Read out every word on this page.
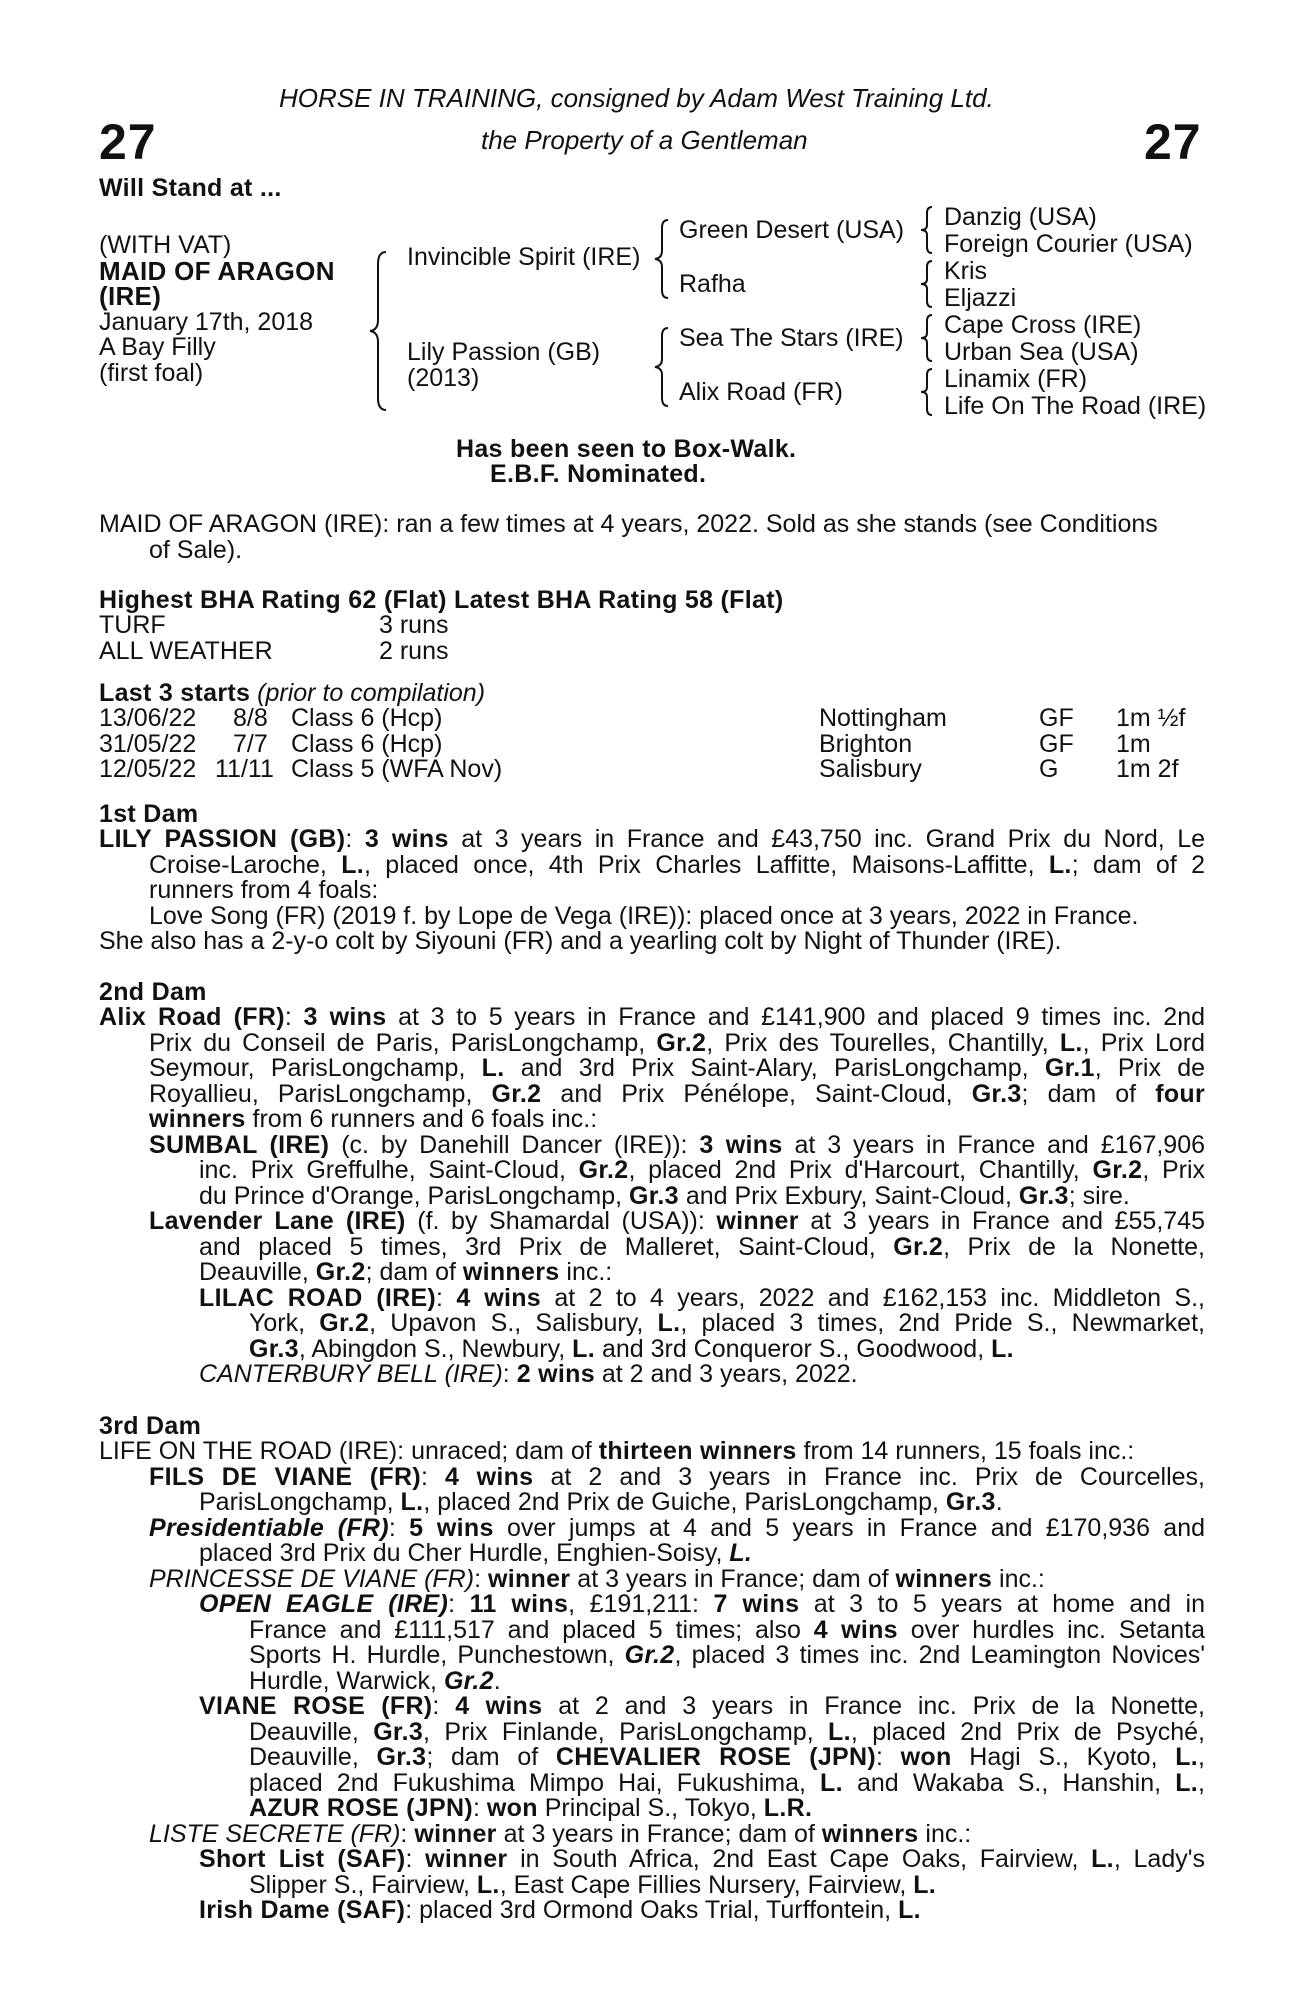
27	27
HORSE IN TRAINING, consigned by Adam West Training Ltd.
the Property of a Gentleman
Will Stand at ...
(WITH VAT)
MAID OF ARAGON
(IRE)
January 17th, 2018
A Bay Filly
(first foal)
Invincible Spirit (IRE)
Lily Passion (GB)
(2013)
Green Desert (USA)
Rafha
Sea The Stars (IRE)
Alix Road (FR)
Danzig (USA)
Foreign Courier (USA)
Kris
Eljazzi
Cape Cross (IRE)
Urban Sea (USA)
Linamix (FR)
Life On The Road (IRE)
Has been seen to Box-Walk.
E.B.F. Nominated.
MAID OF ARAGON (IRE): ran a few times at 4 years, 2022. Sold as she stands (see Conditions
of Sale).
Highest BHA Rating 62 (Flat) Latest BHA Rating 58 (Flat)
TURF	3 runs
ALL WEATHER	2 runs
Last 3 starts (prior to compilation)
13/06/22 8/8 Class 6 (Hcp)	Nottingham	GF 1m ½f
31/05/22 7/7 Class 6 (Hcp)	Brighton	GF 1m
12/05/22 11/11 Class 5 (WFA Nov)	Salisbury	G 1m 2f
1st Dam
LILY PASSION (GB): 3 wins at 3 years in France and £43,750 inc. Grand Prix du Nord, Le
Croise-Laroche, L., placed once, 4th Prix Charles Laffitte, Maisons-Laffitte, L.; dam of 2
runners from 4 foals:
Love Song (FR) (2019 f. by Lope de Vega (IRE)): placed once at 3 years, 2022 in France.
She also has a 2-y-o colt by Siyouni (FR) and a yearling colt by Night of Thunder (IRE).
2nd Dam
Alix Road (FR): 3 wins at 3 to 5 years in France and £141,900 and placed 9 times inc. 2nd
Prix du Conseil de Paris, ParisLongchamp, Gr.2, Prix des Tourelles, Chantilly, L., Prix Lord
Seymour, ParisLongchamp, L. and 3rd Prix Saint-Alary, ParisLongchamp, Gr.1, Prix de
Royallieu, ParisLongchamp, Gr.2 and Prix Pénélope, Saint-Cloud, Gr.3; dam of four
winners from 6 runners and 6 foals inc.:
SUMBAL (IRE) (c. by Danehill Dancer (IRE)): 3 wins at 3 years in France and £167,906
inc. Prix Greffulhe, Saint-Cloud, Gr.2, placed 2nd Prix d'Harcourt, Chantilly, Gr.2, Prix
du Prince d'Orange, ParisLongchamp, Gr.3 and Prix Exbury, Saint-Cloud, Gr.3; sire.
Lavender Lane (IRE) (f. by Shamardal (USA)): winner at 3 years in France and £55,745
and placed 5 times, 3rd Prix de Malleret, Saint-Cloud, Gr.2, Prix de la Nonette,
Deauville, Gr.2; dam of winners inc.:
LILAC ROAD (IRE): 4 wins at 2 to 4 years, 2022 and £162,153 inc. Middleton S.,
York, Gr.2, Upavon S., Salisbury, L., placed 3 times, 2nd Pride S., Newmarket,
Gr.3, Abingdon S., Newbury, L. and 3rd Conqueror S., Goodwood, L.
CANTERBURY BELL (IRE): 2 wins at 2 and 3 years, 2022.
3rd Dam
LIFE ON THE ROAD (IRE): unraced; dam of thirteen winners from 14 runners, 15 foals inc.:
FILS DE VIANE (FR): 4 wins at 2 and 3 years in France inc. Prix de Courcelles,
ParisLongchamp, L., placed 2nd Prix de Guiche, ParisLongchamp, Gr.3.
Presidentiable (FR): 5 wins over jumps at 4 and 5 years in France and £170,936 and
placed 3rd Prix du Cher Hurdle, Enghien-Soisy, L.
PRINCESSE DE VIANE (FR): winner at 3 years in France; dam of winners inc.:
OPEN EAGLE (IRE): 11 wins, £191,211: 7 wins at 3 to 5 years at home and in
France and £111,517 and placed 5 times; also 4 wins over hurdles inc. Setanta
Sports H. Hurdle, Punchestown, Gr.2, placed 3 times inc. 2nd Leamington Novices'
Hurdle, Warwick, Gr.2.
VIANE ROSE (FR): 4 wins at 2 and 3 years in France inc. Prix de la Nonette,
Deauville, Gr.3, Prix Finlande, ParisLongchamp, L., placed 2nd Prix de Psyché,
Deauville, Gr.3; dam of CHEVALIER ROSE (JPN): won Hagi S., Kyoto, L.,
placed 2nd Fukushima Mimpo Hai, Fukushima, L. and Wakaba S., Hanshin, L.,
AZUR ROSE (JPN): won Principal S., Tokyo, L.R.
LISTE SECRETE (FR): winner at 3 years in France; dam of winners inc.:
Short List (SAF): winner in South Africa, 2nd East Cape Oaks, Fairview, L., Lady's
Slipper S., Fairview, L., East Cape Fillies Nursery, Fairview, L.
Irish Dame (SAF): placed 3rd Ormond Oaks Trial, Turffontein, L.
